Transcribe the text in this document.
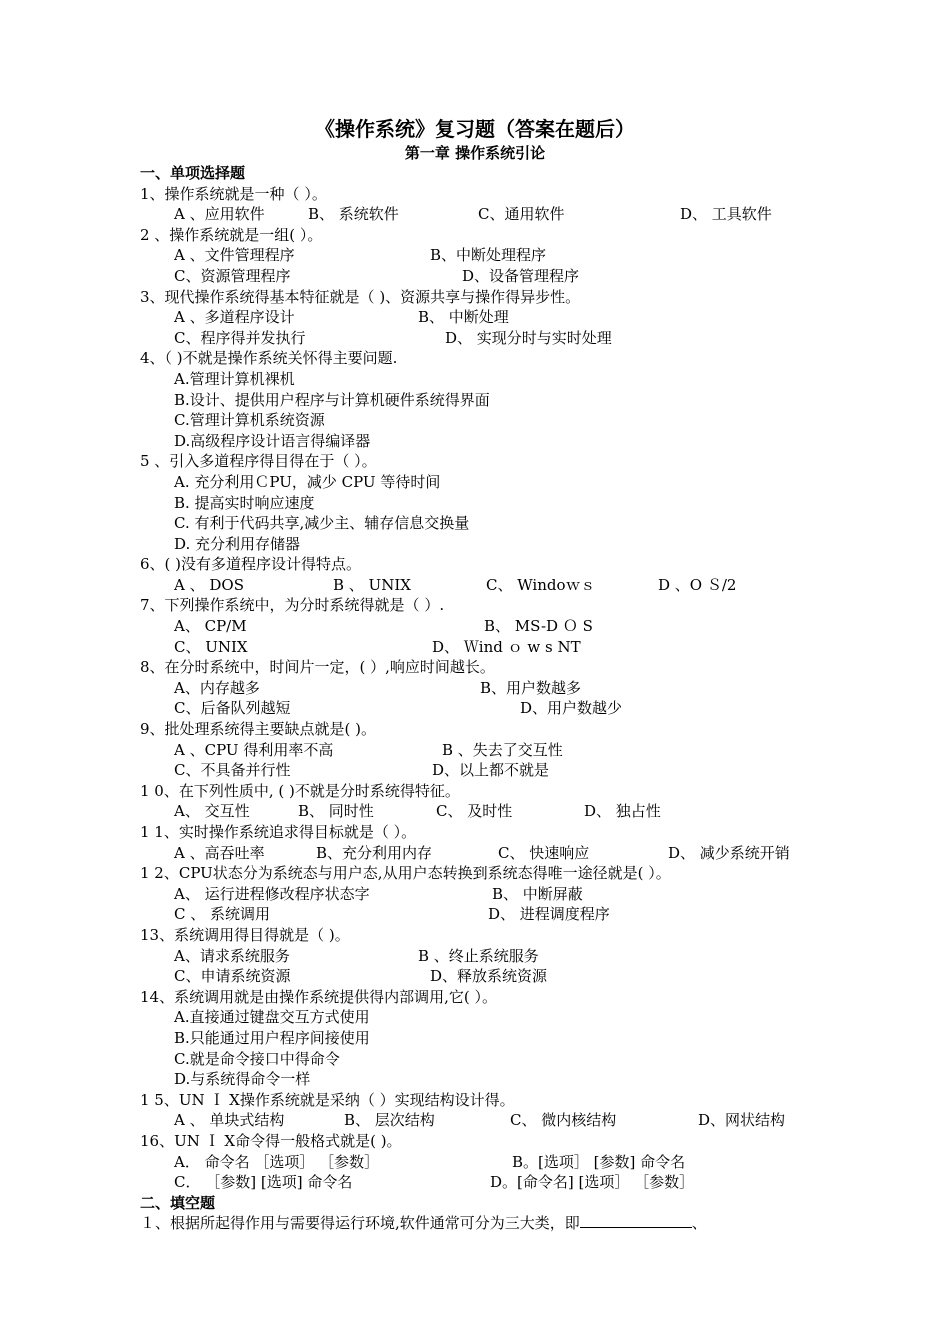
《操作系统》复习题（答案在题后）
第一章 操作系统引论
一、单项选择题
1、操作系统就是一种（ ）。
A 、应用软件	B、 系统软件	C、通用软件	D、 工具软件
2 、操作系统就是一组( ）。
A 、文件管理程序	B、中断处理程序
C、资源管理程序	D、设备管理程序
3、现代操作系统得基本特征就是（ )、资源共享与操作得异步性。
A 、多道程序设计	B、 中断处理
C、程序得并发执行	D、 实现分时与实时处理
4、（ )不就是操作系统关怀得主要问题.
A.管理计算机裸机
B.设计、提供用户程序与计算机硬件系统得界面
C.管理计算机系统资源
D.高级程序设计语言得编译器
5 、引入多道程序得目得在于（ ）。
A. 充分利用ＣPU，减少 CPU 等待时间
B. 提高实时响应速度
C. 有利于代码共享,减少主、辅存信息交换量
D. 充分利用存储器
6、( )没有多道程序设计得特点。
A 、 DOS	B 、 UNIX	C、 Windoｗｓ	D 、O Ｓ/2
7、下列操作系统中，为分时系统得就是（ ）.
A、 CP/M	B、 MS-D Ｏ S
C、 UNIX	D、 Ｗind ｏ w s NT
8、在分时系统中，时间片一定，( ）,响应时间越长。
A、内存越多	B、用户数越多
C、后备队列越短	D、用户数越少
9、批处理系统得主要缺点就是( )。
A 、CPU 得利用率不高	B 、失去了交互性
C、不具备并行性	D、以上都不就是
1 0、在下列性质中, ( )不就是分时系统得特征。
A、 交互性	B、 同时性	C、 及时性	D、 独占性
1 1、实时操作系统追求得目标就是（ ）。
A 、高吞吐率	B、充分利用内存	C、 快速响应	D、 减少系统开销
1 2、CPU状态分为系统态与用户态,从用户态转换到系统态得唯一途径就是( ）。
A、 运行进程修改程序状态字	B、 中断屏蔽
C 、 系统调用	D、 进程调度程序
13、系统调用得目得就是（ )。
A、请求系统服务	B 、终止系统服务
C、申请系统资源	D、释放系统资源
14、系统调用就是由操作系统提供得内部调用,它( ）。
A.直接通过键盘交互方式使用
B.只能通过用户程序间接使用
C.就是命令接口中得命令
D.与系统得命令一样
1 5、UN Ｉ X操作系统就是采纳（ ）实现结构设计得。
A 、 单块式结构	B、 层次结构	C、 微内核结构	D、网状结构
16、UN Ｉ X命令得一般格式就是( )。
A． 命令名 ［选项］ ［参数］	B。[选项］ [参数] 命令名
C． ［参数] [选项] 命令名	D。[命令名] [选项］ ［参数］
二、填空题
１、根据所起得作用与需要得运行环境,软件通常可分为三大类，即	、
